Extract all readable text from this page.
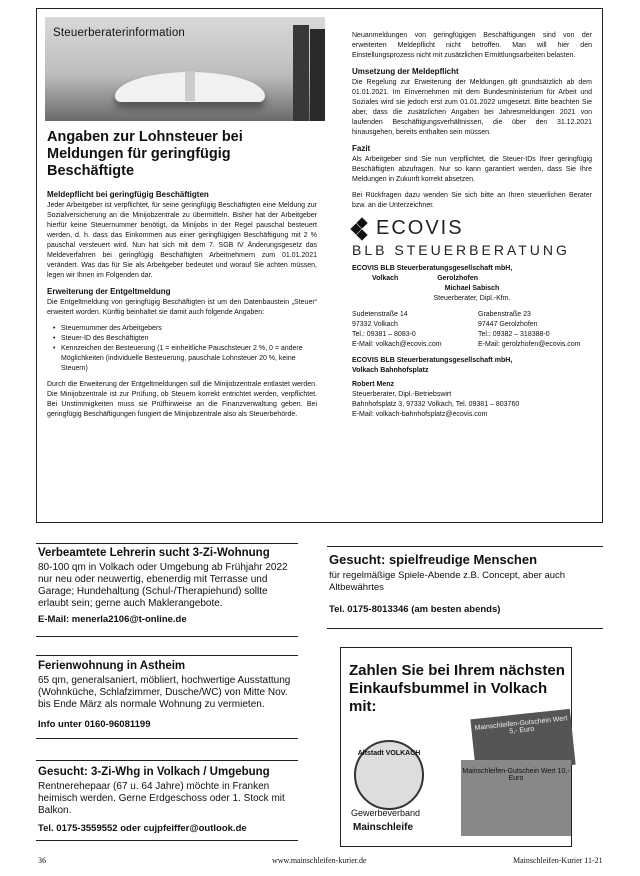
Steuerberaterinformation
Angaben zur Lohnsteuer bei Meldungen für geringfügig Beschäftigte
Meldepflicht bei geringfügig Beschäftigten

Jeder Arbeitgeber ist verpflichtet, für seine geringfügig Beschäftigten eine Meldung zur Sozialversicherung an die Minijobzentrale zu übermitteln. Bisher hat der Arbeitgeber hierfür keine Steuernummer benötigt, da Minijobs in der Regel pauschal besteuert werden, d. h. dass das Einkommen aus einer geringfügigen Beschäftigung mit 2 % pauschal versteuert wird. Nun hat sich mit dem 7. SGB IV Änderungsgesetz das Meldeverfahren bei geringfügig Beschäftigten Arbeitnehmern zum 01.01.2021 verändert. Was das für Sie als Arbeitgeber bedeutet und worauf Sie achten müssen, legen wir Ihnen im Folgenden dar.

Erweiterung der Entgeltmeldung

Die Entgeltmeldung von geringfügig Beschäftigten ist um den Datenbaustein „Steuer“ erweitert worden. Künftig beinhaltet sie damit auch folgende Angaben:

• Steuernummer des Arbeitgebers
• Steuer-ID des Beschäftigten
• Kennzeichen der Besteuerung (1 = einheitliche Pauschsteuer 2 %, 0 = andere Möglichkeiten (individuelle Besteuerung, pauschale Lohnsteuer 20 %, keine Steuern)

Durch die Erweiterung der Entgeltmeldungen soll die Minijobzentrale entlastet werden. Die Minijobzentrale ist zur Prüfung, ob Steuern korrekt entrichtet werden, verpflichtet. Bei Unstimmigkeiten muss sie Prüfhinweise an die Finanzverwaltung geben. Bei geringfügig Beschäftigungen fungiert die Minijobzentrale also als Steuerbehörde.

Neuanmeldungen von geringfügigen Beschäftigungen sind von der erweiterten Meldepflicht nicht betroffen. Man will hier den Einstellungsprozess nicht mit zusätzlichen Ermittlungsarbeiten belasten.

Umsetzung der Meldepflicht

Die Regelung zur Erweiterung der Meldungen gilt grundsätzlich ab dem 01.01.2021. Im Einvernehmen mit dem Bundesministerium für Arbeit und Soziales wird sie jedoch erst zum 01.01.2022 umgesetzt. Bitte beachten Sie aber, dass die zusätzlichen Angaben bei Jahresmeldungen 2021 von laufenden Beschäftigungsverhältnissen, die über den 31.12.2021 hinausgehen, bereits enthalten sein müssen.

Fazit

Als Arbeitgeber sind Sie nun verpflichtet, die Steuer-IDs Ihrer geringfügig Beschäftigten abzufragen. Nur so kann garantiert werden, dass Sie Ihre Meldungen in Zukunft korrekt absetzen.

Bei Rückfragen dazu wenden Sie sich bitte an Ihren steuerlichen Berater bzw. an die Unterzeichner.

ECOVIS
BLB STEUERBERATUNG
ECOVIS BLB Steuerberatungsgesellschaft mbH,
Volkach                    Gerolzhofen
Michael Sabisch
Steuerberater, Dipl.-Kfm.
Sudetenstraße 14
97332 Volkach
Tel.: 09381 – 8083-0
E-Mail: volkach@ecovis.com
Grabenstraße 23
97447 Gerolzhofen
Tel.: 09382 – 318388-0
E-Mail: gerolzhofen@ecovis.com
ECOVIS BLB Steuerberatungsgesellschaft mbH,
Volkach Bahnhofsplatz
Robert Menz
Steuerberater, Dipl.-Betriebswirt
Bahnhofsplatz 3, 97332 Volkach, Tel. 09381 – 803760
E-Mail: volkach-bahnhofsplatz@ecovis.com
Verbeamtete Lehrerin sucht 3-Zi-Wohnung
80-100 qm in Volkach oder Umgebung ab Frühjahr 2022 nur neu oder neuwertig, ebenerdig mit Terrasse und Garage; Hundehaltung (Schul-/Therapiehund) sollte erlaubt sein; gerne auch Maklerangebote.
E-Mail: menerla2106@t-online.de
Gesucht: spielfreudige Menschen
für regelmäßige Spiele-Abende z.B. Concept, aber auch Altbewährtes
Tel. 0175-8013346 (am besten abends)
Ferienwohnung in Astheim
65 qm, generalsaniert, möbliert, hochwertige Ausstattung (Wohnküche, Schlafzimmer, Dusche/WC) von Mitte Nov. bis Ende März als normale Wohnung zu vermieten.
Info unter 0160-96081199
Gesucht: 3-Zi-Whg in Volkach / Umgebung
Rentnerehepaar (67 u. 64 Jahre) möchte in Franken heimisch werden. Gerne Erdgeschoss oder 1. Stock mit Balkon.
Tel. 0175-3559552 oder cujpfeiffer@outlook.de
Zahlen Sie bei Ihrem nächsten Einkaufsbummel in Volkach mit:
Altstadt VOLKACH
Mainschleifen-Gutschein Wert 5,- Euro
Mainschleifen-Gutschein Wert 10,- Euro
Gewerbeverband
Mainschleife
36	www.mainschleifen-kurier.de	Mainschleifen-Kurier 11-21
